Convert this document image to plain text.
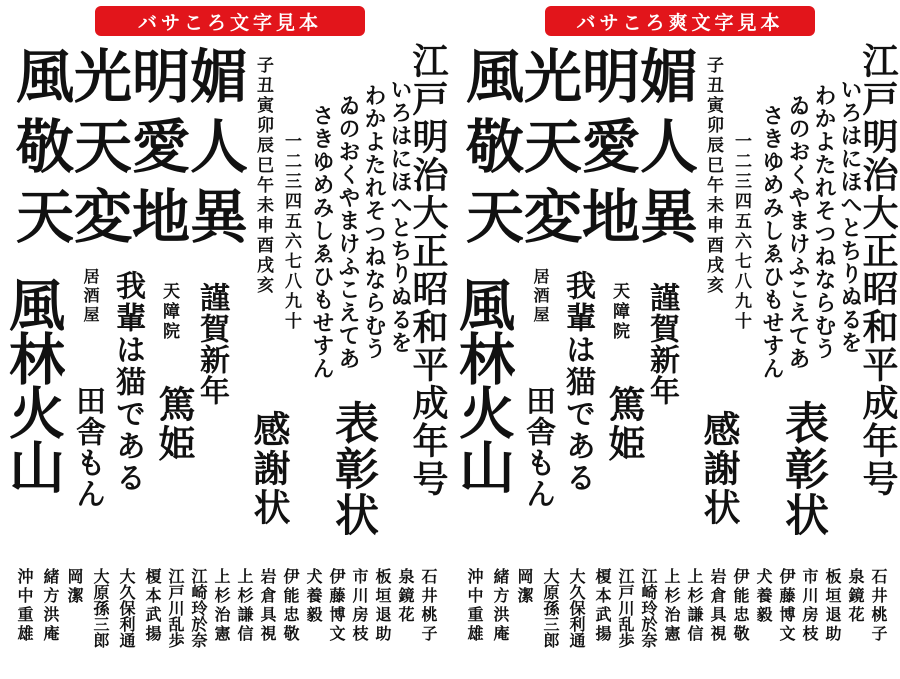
バサころ文字見本
風光明媚
敬天愛人
天変地異 子丑寅卯辰巳午未申酉戌亥 一二三四五六七八九十 さきゆめみしゑひもせすん ゐのおくやまけふこえてあ わかよたれそつねならむう いろはにほへとちりぬるを
江戸明治大正昭和平成年号
風林火山 居酒屋 我輩は猫である
田舎もん
天障院
篤姫
謹賀新年
感謝状 表彰状
石井桃子
泉鏡花
板垣退助
市川房枝
伊藤博文
犬養毅
伊能忠敬
岩倉具視
上杉謙信
上杉治憲
江崎玲於奈
江戸川乱歩
榎本武揚
大久保利通
大原孫三郎
岡潔
緒方洪庵
沖中重雄
バサころ爽文字見本
風光明媚
敬天愛人
天変地異 子丑寅卯辰巳午未申酉戌亥 一二三四五六七八九十 さきゆめみしゑひもせすん ゐのおくやまけふこえてあ わかよたれそつねならむう いろはにほへとちりぬるを
江戸明治大正昭和平成年号
風林火山 居酒屋 我輩は猫である
田舎もん
天障院
篤姫
謹賀新年
感謝状 表彰状
石井桃子
泉鏡花
板垣退助
市川房枝
伊藤博文
犬養毅
伊能忠敬
岩倉具視
上杉謙信
上杉治憲
江崎玲於奈
江戸川乱歩
榎本武揚
大久保利通
大原孫三郎
岡潔
緒方洪庵
沖中重雄
